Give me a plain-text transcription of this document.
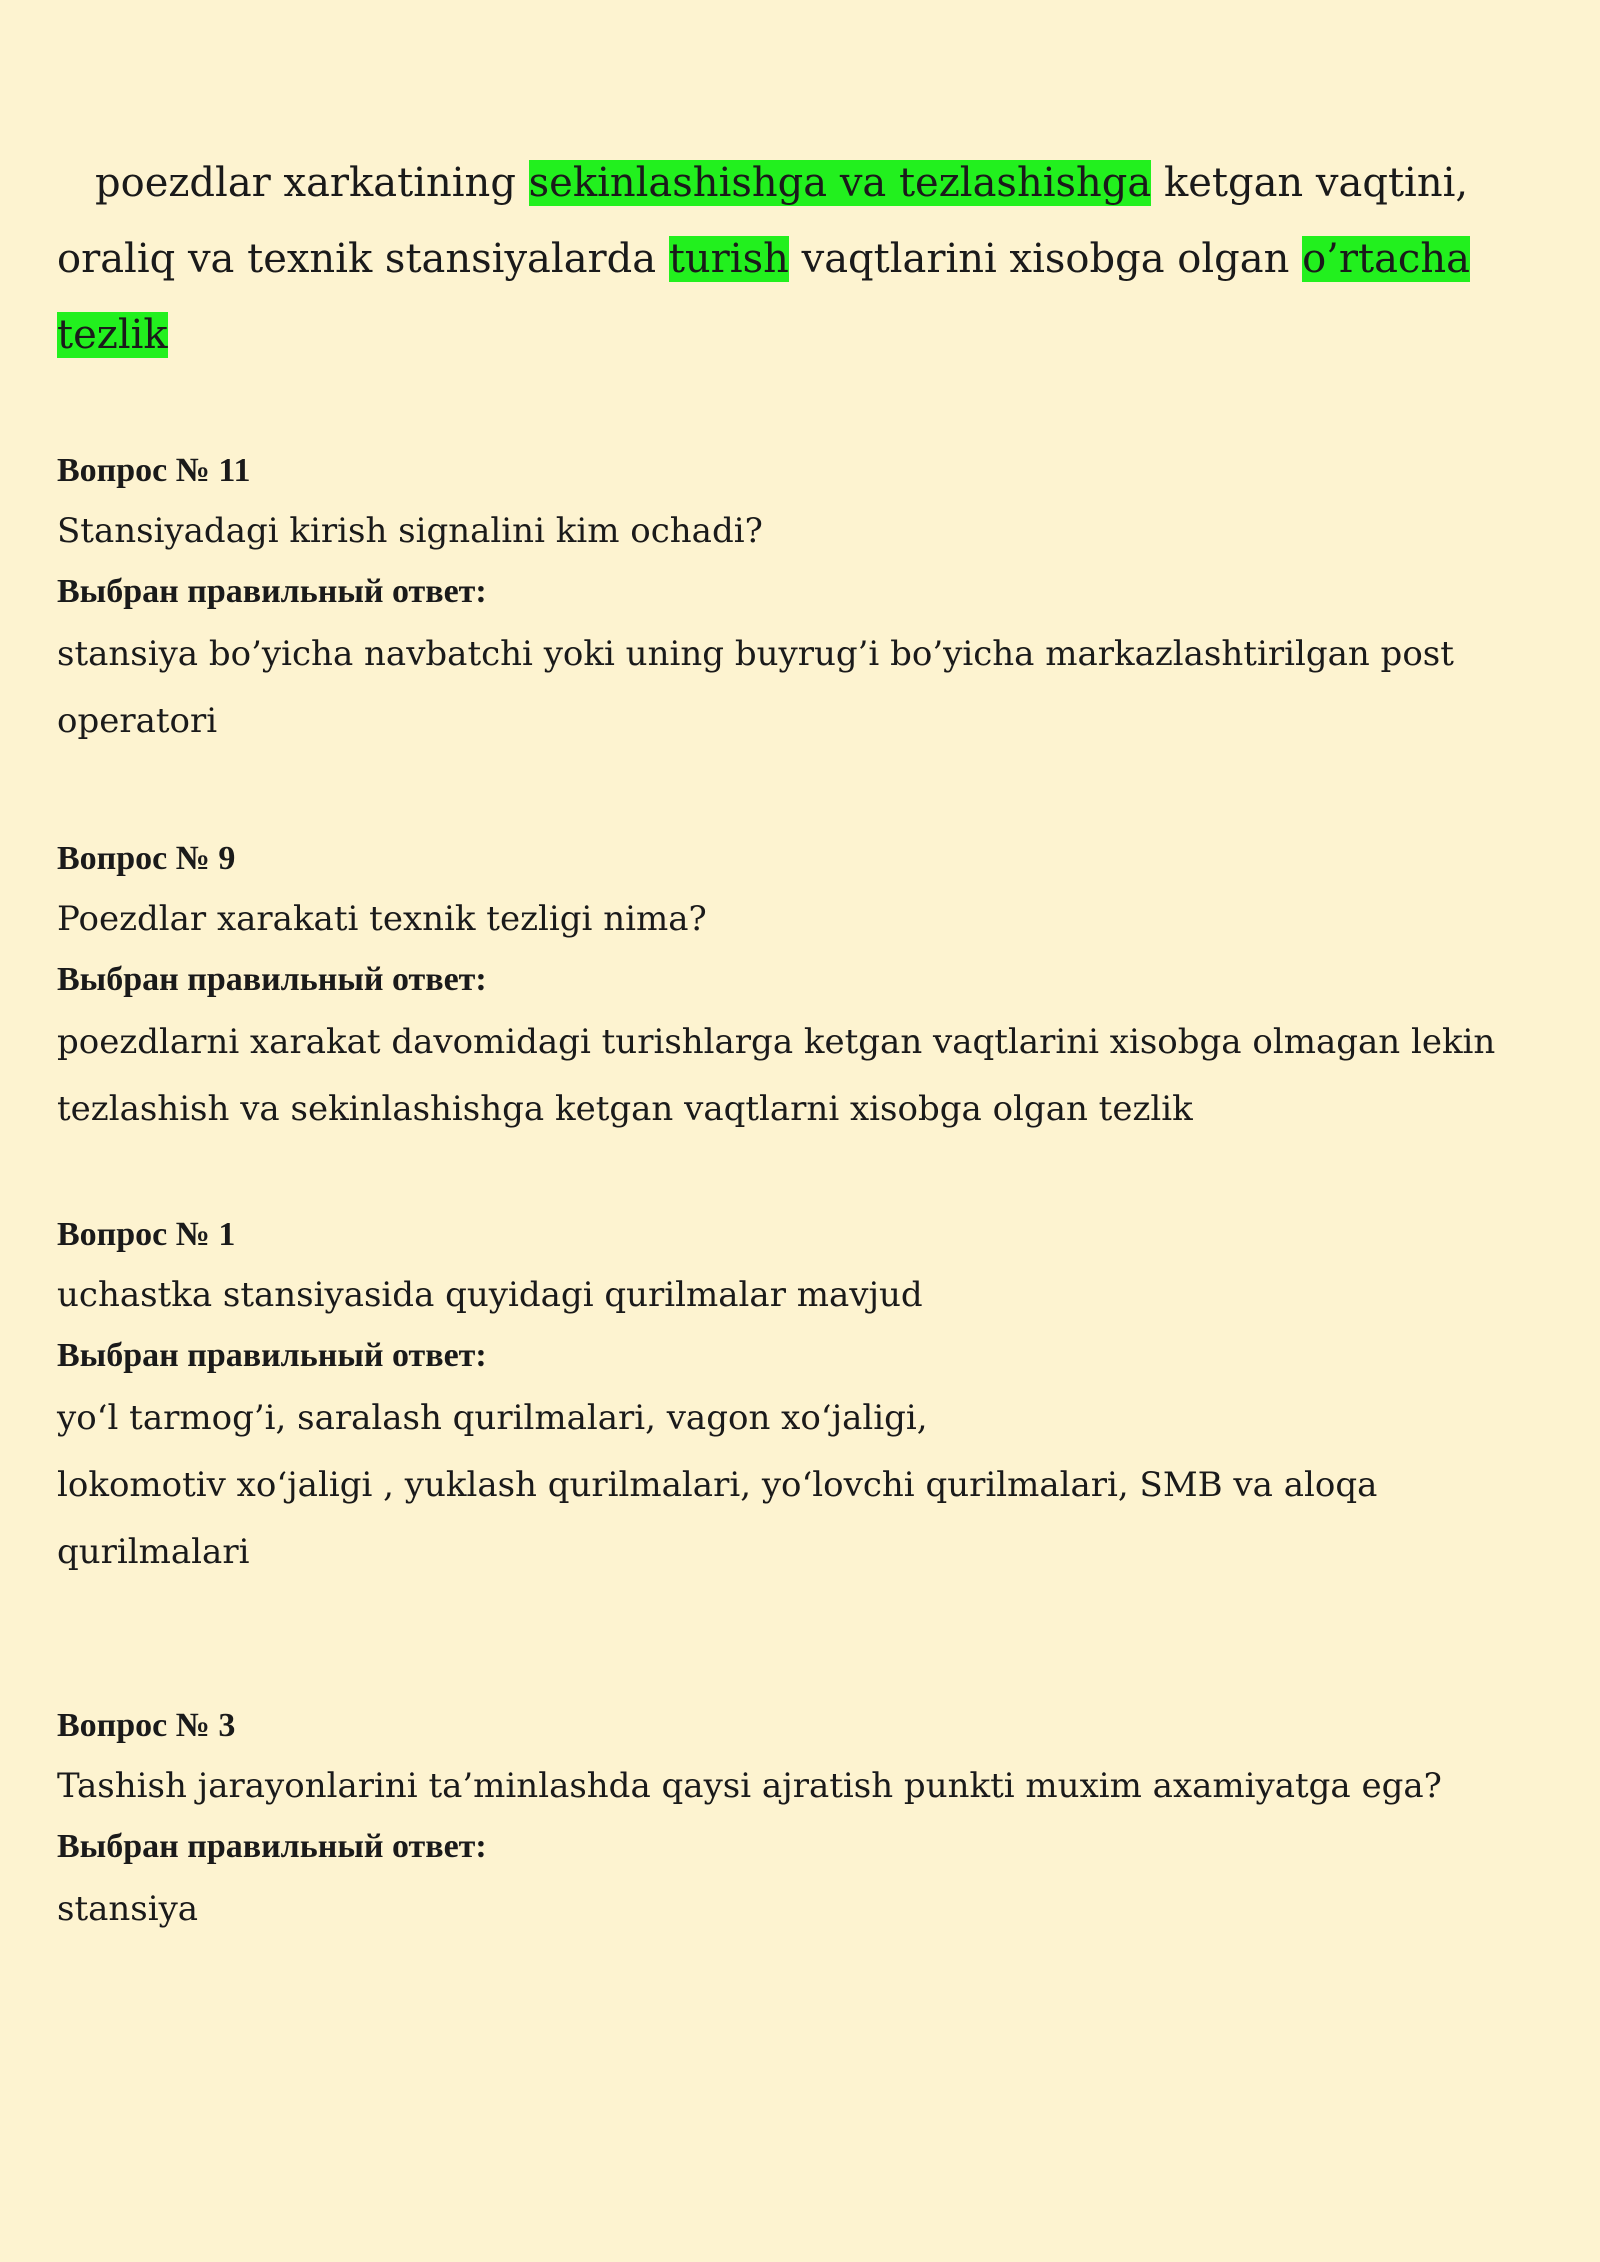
poezdlar xarkatining sekinlashishga va tezlashishga ketgan vaqtini, oraliq va texnik stansiyalarda turish vaqtlarini xisobga olgan o’rtacha tezlik

Вопрос № 11

Stansiyadagi kirish signalini kim ochadi?

Выбран правильный ответ:

stansiya bo’yicha navbatchi yoki uning buyrug’i bo’yicha markazlashtirilgan post operatori

Вопрос № 9

Poezdlar xarakati texnik tezligi nima?

Выбран правильный ответ:

poezdlarni xarakat davomidagi turishlarga ketgan vaqtlarini xisobga olmagan lekin tezlashish va sekinlashishga ketgan vaqtlarni xisobga olgan tezlik

Вопрос № 1

uchastka stansiyasida quyidagi qurilmalar mavjud

Выбран правильный ответ:

yo‘l tarmog’i, saralash qurilmalari, vagon xo‘jaligi,
lokomotiv xo‘jaligi , yuklash qurilmalari, yo‘lovchi qurilmalari, SMB va aloqa qurilmalari

Вопрос № 3

Tashish jarayonlarini ta’minlashda qaysi ajratish punkti muxim axamiyatga ega?

Выбран правильный ответ:

stansiya
